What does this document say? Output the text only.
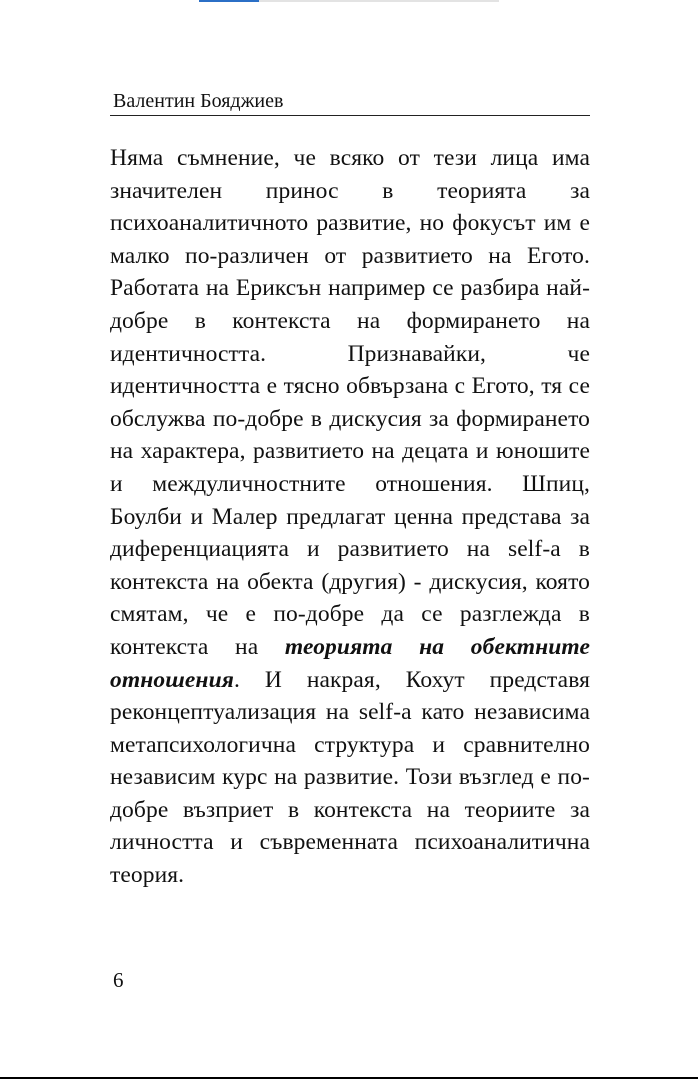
Валентин Бояджиев

Няма съмнение, че всяко от тези лица има значителен принос в теорията за психоаналитичното развитие, но фокусът им е малко по-различен от развитието на Егото. Работата на Ериксън например се разбира най-добре в контекста на формирането на идентичността. Признавайки, че идентичността е тясно обвързана с Егото, тя се обслужва по-добре в дискусия за формирането на характера, развитието на децата и юношите и междуличностните отношения. Шпиц, Боулби и Малер предлагат ценна представа за диференциацията и развитието на self-а в контекста на обекта (другия) - дискусия, която смятам, че е по-добре да се разглежда в контекста на теорията на обектните отношения. И накрая, Кохут представя реконцептуализация на self-а като независима метапсихологична структура и сравнително независим курс на развитие. Този възглед е по-добре възприет в контекста на теориите за личността и съвременната психоаналитична теория.

6
